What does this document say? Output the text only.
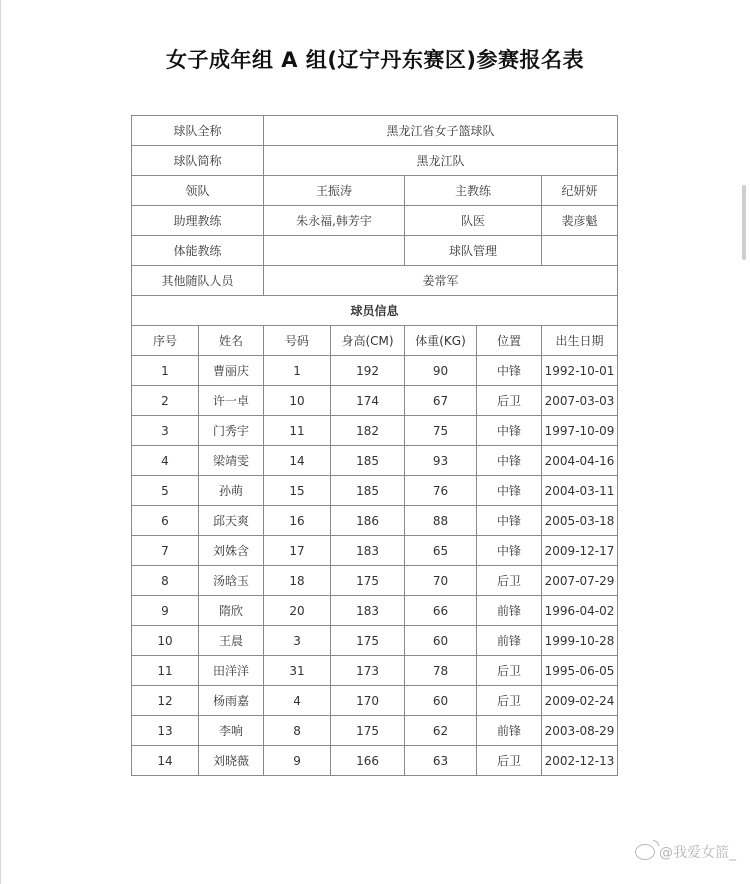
女子成年组 A 组(辽宁丹东赛区)参赛报名表
球队全称		黑龙江省女子篮球队				
球队简称		黑龙江队				
领队		王振涛		主教练		纪妍妍
助理教练		朱永福,韩芳宇		队医		裴彦魁
体能教练				球队管理		
其他随队人员		姜常军				
球员信息						
序号	姓名	号码	身高(CM)	体重(KG)	位置	出生日期
1	曹丽庆	1	192	90	中锋	1992-10-01
2	许一卓	10	174	67	后卫	2007-03-03
3	门秀宇	11	182	75	中锋	1997-10-09
4	梁靖雯	14	185	93	中锋	2004-04-16
5	孙萌	15	185	76	中锋	2004-03-11
6	邱天爽	16	186	88	中锋	2005-03-18
7	刘姝含	17	183	65	中锋	2009-12-17
8	汤晗玉	18	175	70	后卫	2007-07-29
9	隋欣	20	183	66	前锋	1996-04-02
10	王晨	3	175	60	前锋	1999-10-28
11	田洋洋	31	173	78	后卫	1995-06-05
12	杨雨嘉	4	170	60	后卫	2009-02-24
13	李响	8	175	62	前锋	2003-08-29
14	刘晓薇	9	166	63	后卫	2002-12-13
@我爱女篮_
